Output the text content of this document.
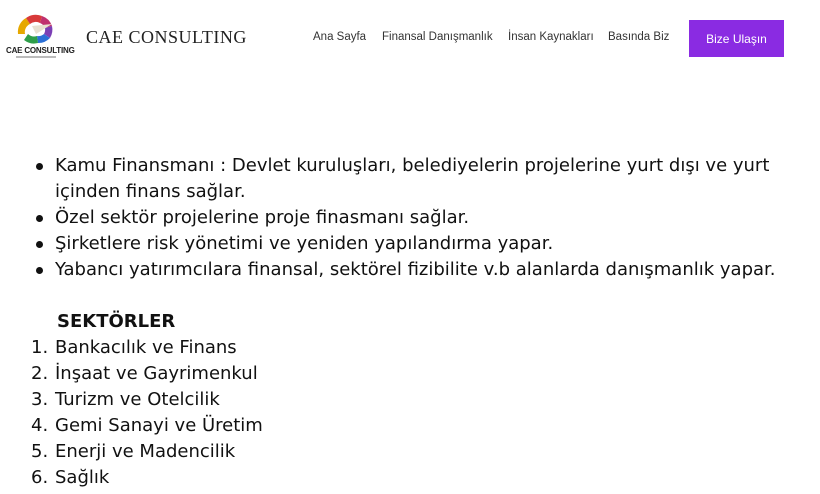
CAE CONSULTING
CAE CONSULTING	Ana Sayfa Finansal Danışmanlık İnsan Kaynakları Basında Biz	Bize Ulaşın
Kamu Finansmanı : Devlet kuruluşları, belediyelerin projelerine yurt dışı ve yurt içinden finans sağlar.
Özel sektör projelerine proje finasmanı sağlar.
Şirketlere risk yönetimi ve yeniden yapılandırma yapar.
Yabancı yatırımcılara finansal, sektörel fizibilite v.b alanlarda danışmanlık yapar.
SEKTÖRLER
1. Bankacılık ve Finans
2. İnşaat ve Gayrimenkul
3. Turizm ve Otelcilik
4. Gemi Sanayi ve Üretim
5. Enerji ve Madencilik
6. Sağlık
